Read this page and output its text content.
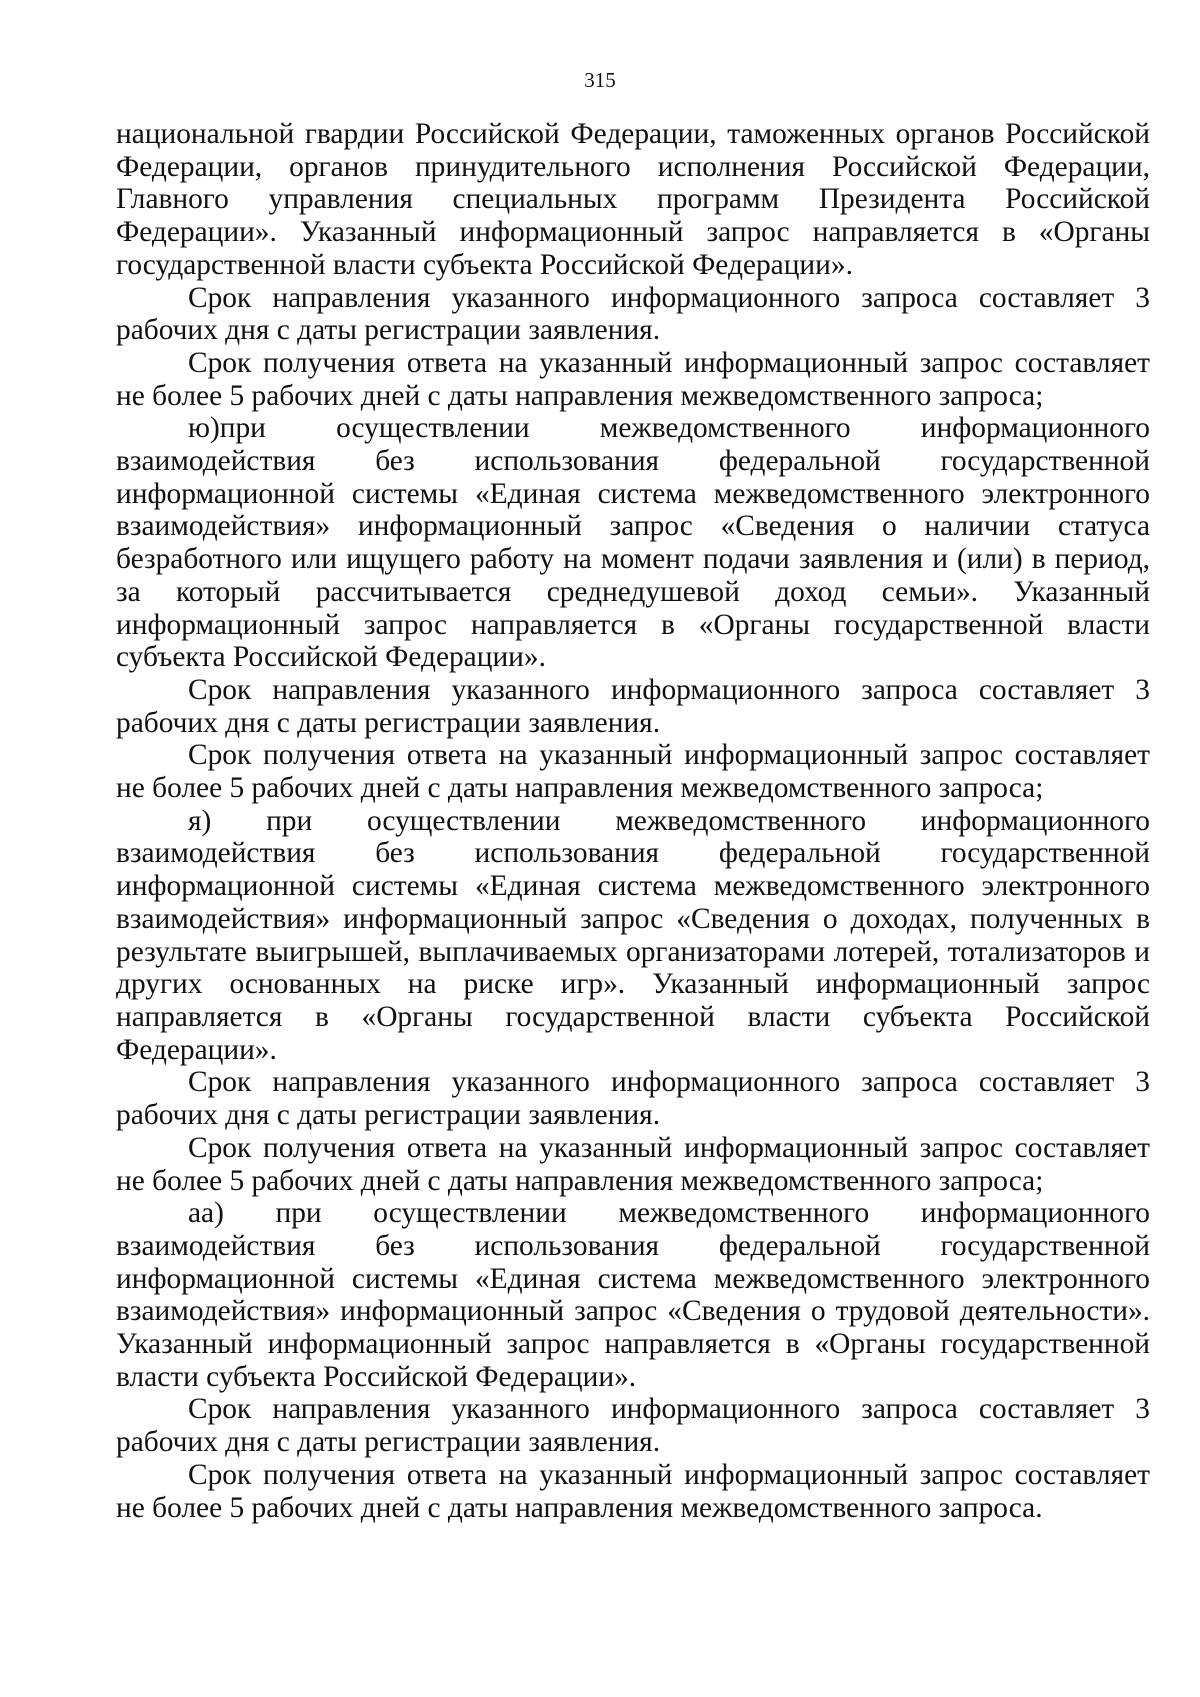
315

национальной гвардии Российской Федерации, таможенных органов Российской Федерации, органов принудительного исполнения Российской Федерации, Главного управления специальных программ Президента Российской Федерации». Указанный информационный запрос направляется в «Органы государственной власти субъекта Российской Федерации».

Срок направления указанного информационного запроса составляет 3 рабочих дня с даты регистрации заявления.

Срок получения ответа на указанный информационный запрос составляет не более 5 рабочих дней с даты направления межведомственного запроса;

ю)при осуществлении межведомственного информационного взаимодействия без использования федеральной государственной информационной системы «Единая система межведомственного электронного взаимодействия» информационный запрос «Сведения о наличии статуса безработного или ищущего работу на момент подачи заявления и (или) в период, за который рассчитывается среднедушевой доход семьи». Указанный информационный запрос направляется в «Органы государственной власти субъекта Российской Федерации».

Срок направления указанного информационного запроса составляет 3 рабочих дня с даты регистрации заявления.

Срок получения ответа на указанный информационный запрос составляет не более 5 рабочих дней с даты направления межведомственного запроса;

я) при осуществлении межведомственного информационного взаимодействия без использования федеральной государственной информационной системы «Единая система межведомственного электронного взаимодействия» информационный запрос «Сведения о доходах, полученных в результате выигрышей, выплачиваемых организаторами лотерей, тотализаторов и других основанных на риске игр». Указанный информационный запрос направляется в «Органы государственной власти субъекта Российской Федерации».

Срок направления указанного информационного запроса составляет 3 рабочих дня с даты регистрации заявления.

Срок получения ответа на указанный информационный запрос составляет не более 5 рабочих дней с даты направления межведомственного запроса;

аа) при осуществлении межведомственного информационного взаимодействия без использования федеральной государственной информационной системы «Единая система межведомственного электронного взаимодействия» информационный запрос «Сведения о трудовой деятельности». Указанный информационный запрос направляется в «Органы государственной власти субъекта Российской Федерации».

Срок направления указанного информационного запроса составляет 3 рабочих дня с даты регистрации заявления.

Срок получения ответа на указанный информационный запрос составляет не более 5 рабочих дней с даты направления межведомственного запроса.
